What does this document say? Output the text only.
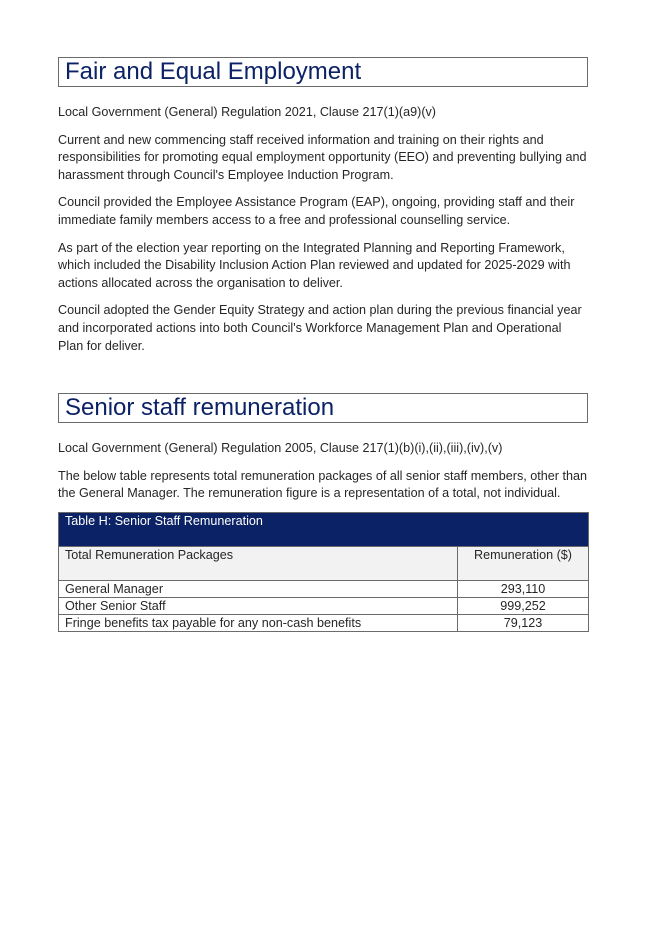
Fair and Equal Employment

Local Government (General) Regulation 2021, Clause 217(1)(a9)(v)

Current and new commencing staff received information and training on their rights and responsibilities for promoting equal employment opportunity (EEO) and preventing bullying and harassment through Council's Employee Induction Program.

Council provided the Employee Assistance Program (EAP), ongoing, providing staff and their immediate family members access to a free and professional counselling service.

As part of the election year reporting on the Integrated Planning and Reporting Framework, which included the Disability Inclusion Action Plan reviewed and updated for 2025-2029 with actions allocated across the organisation to deliver.

Council adopted the Gender Equity Strategy and action plan during the previous financial year and incorporated actions into both Council's Workforce Management Plan and Operational Plan for deliver.

Senior staff remuneration

Local Government (General) Regulation 2005, Clause 217(1)(b)(i),(ii),(iii),(iv),(v)

The below table represents total remuneration packages of all senior staff members, other than the General Manager. The remuneration figure is a representation of a total, not individual.

Table H: Senior Staff Remuneration	
Total Remuneration Packages	Remuneration ($)
General Manager	293,110
Other Senior Staff	999,252
Fringe benefits tax payable for any non-cash benefits	79,123
